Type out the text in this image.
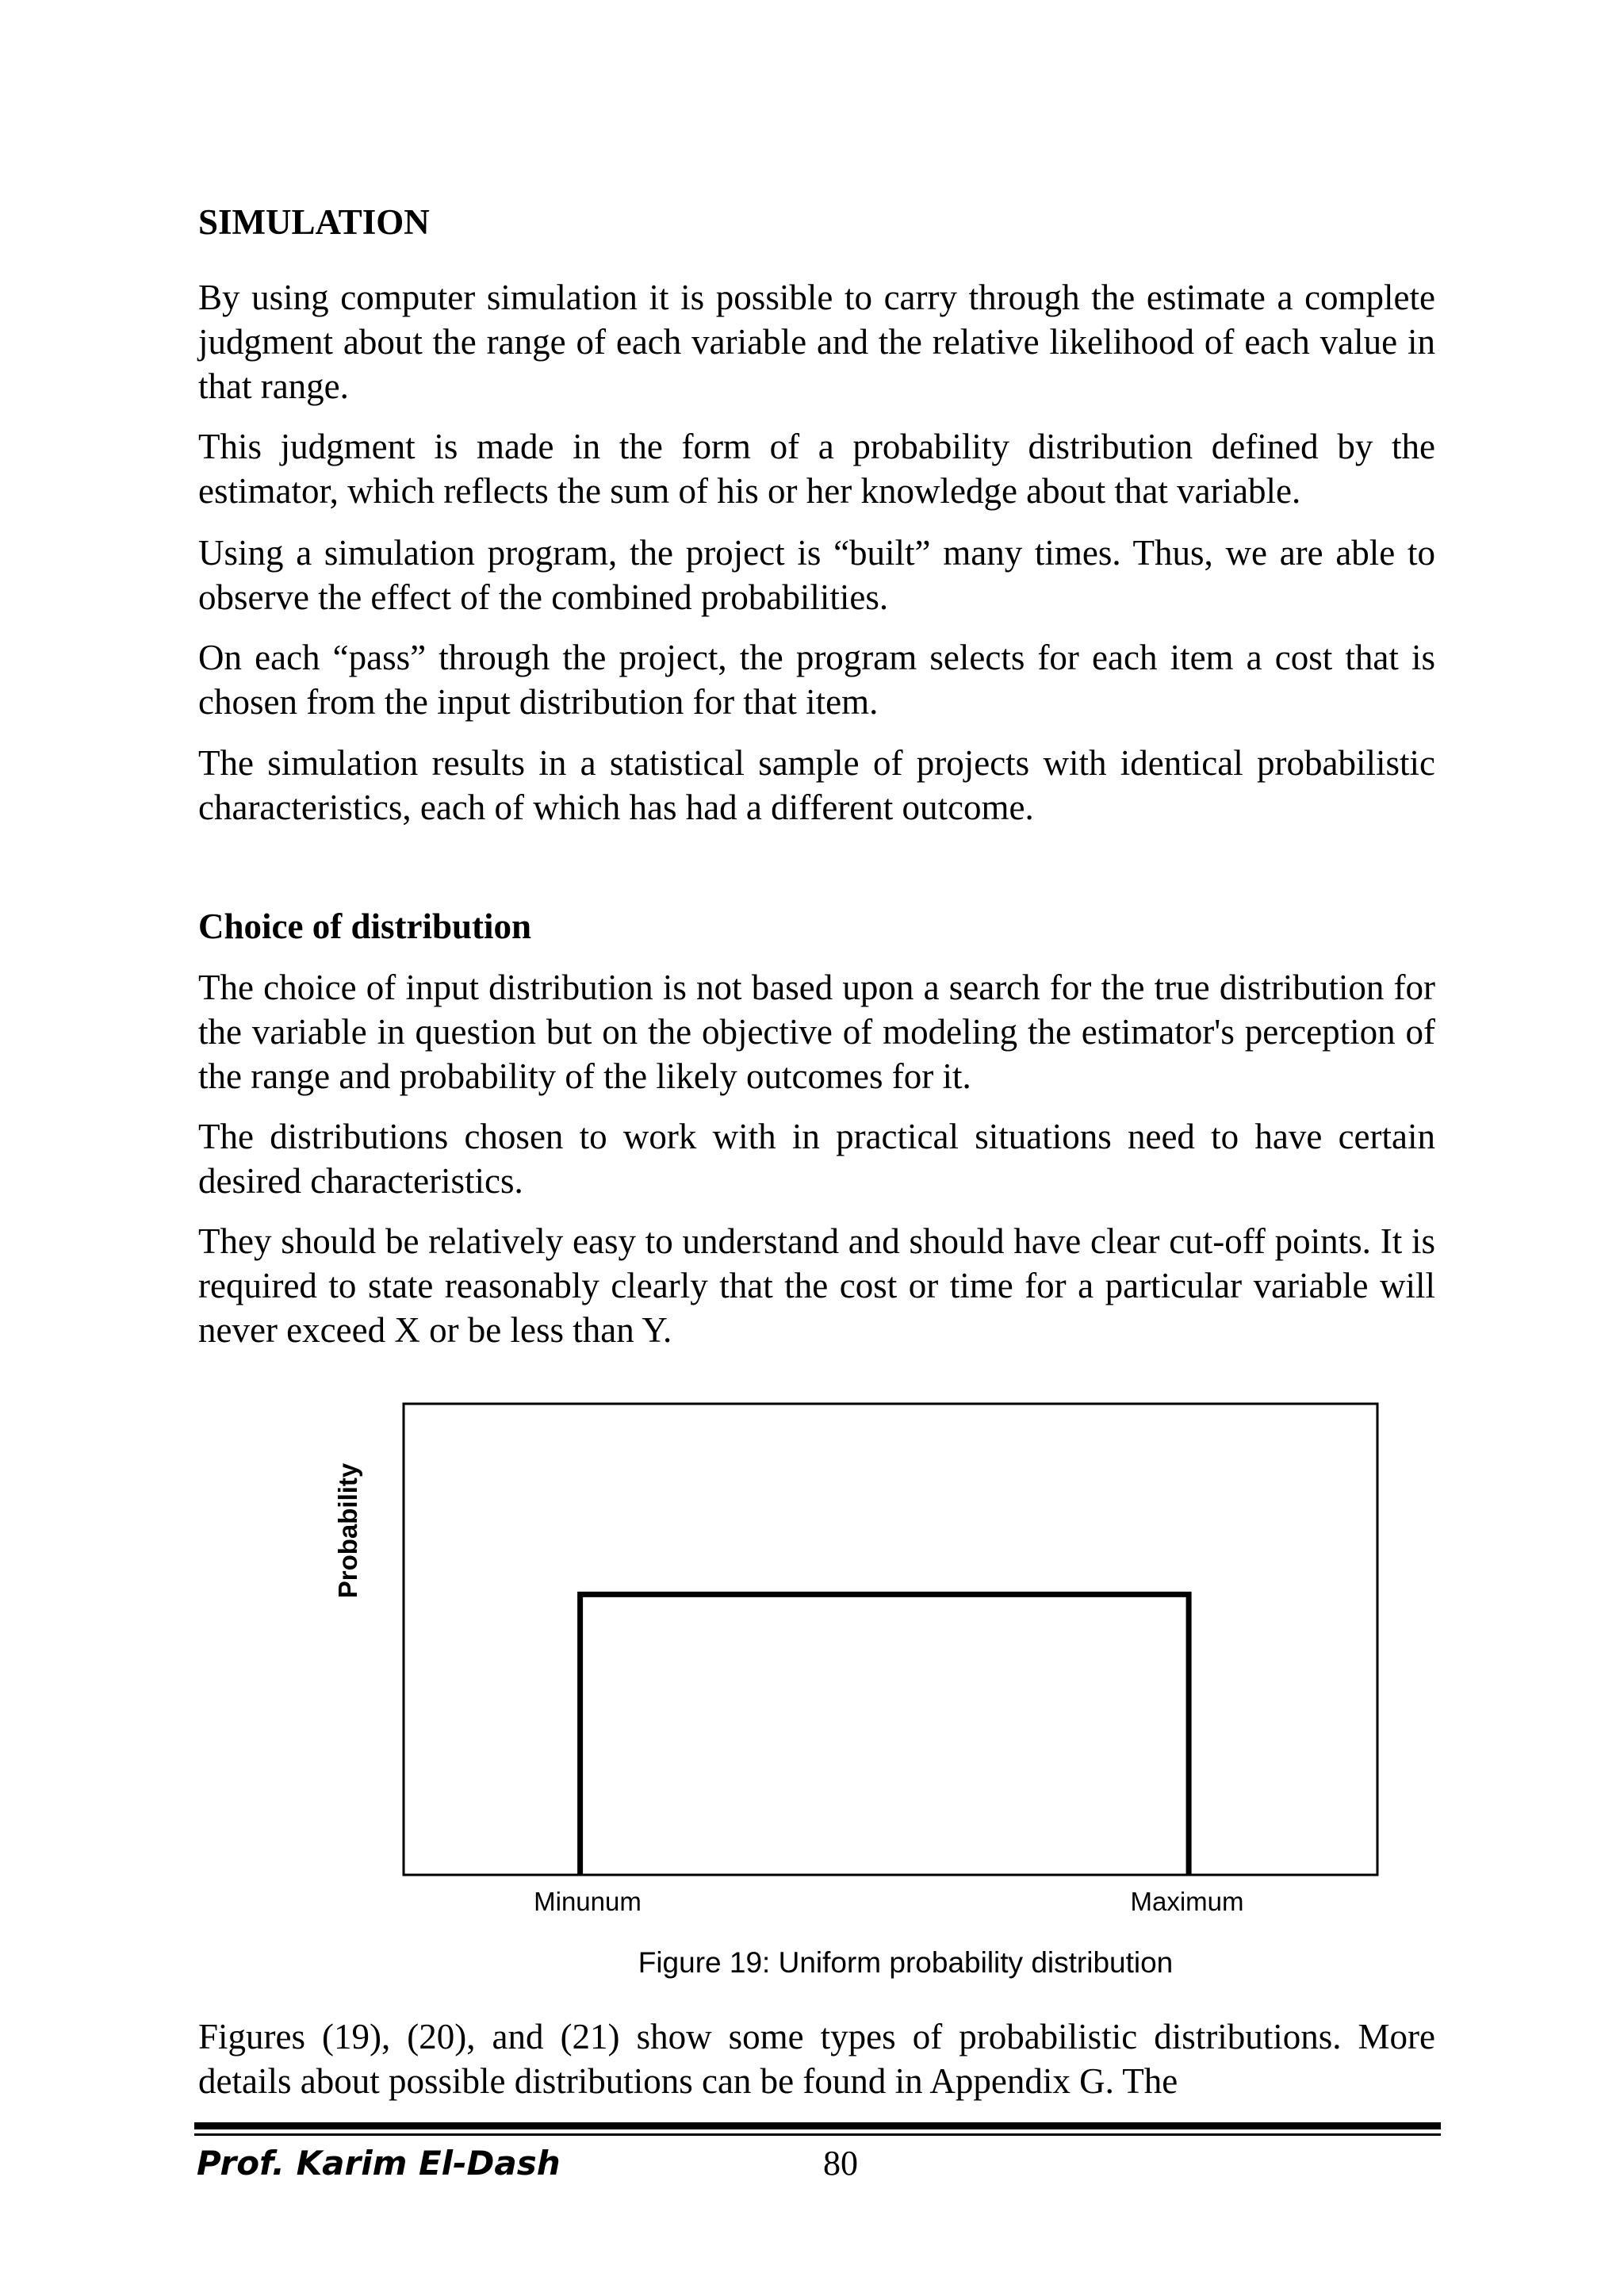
SIMULATION

By using computer simulation it is possible to carry through the estimate a complete judgment about the range of each variable and the relative likelihood of each value in that range.

This judgment is made in the form of a probability distribution defined by the estimator, which reflects the sum of his or her knowledge about that variable.

Using a simulation program, the project is “built” many times. Thus, we are able to observe the effect of the combined probabilities.

On each “pass” through the project, the program selects for each item a cost that is chosen from the input distribution for that item.

The simulation results in a statistical sample of projects with identical probabilistic characteristics, each of which has had a different outcome.

Choice of distribution

The choice of input distribution is not based upon a search for the true distribution for the variable in question but on the objective of modeling the estimator's perception of the range and probability of the likely outcomes for it.

The distributions chosen to work with in practical situations need to have certain desired characteristics.

They should be relatively easy to understand and should have clear cut-off points. It is required to state reasonably clearly that the cost or time for a particular variable will never exceed X or be less than Y.

Probability
Minunum	Maximum
Figure 19: Uniform probability distribution

Figures (19), (20), and (21) show some types of probabilistic distributions. More details about possible distributions can be found in Appendix G. The

Prof. Karim El-Dash	80
